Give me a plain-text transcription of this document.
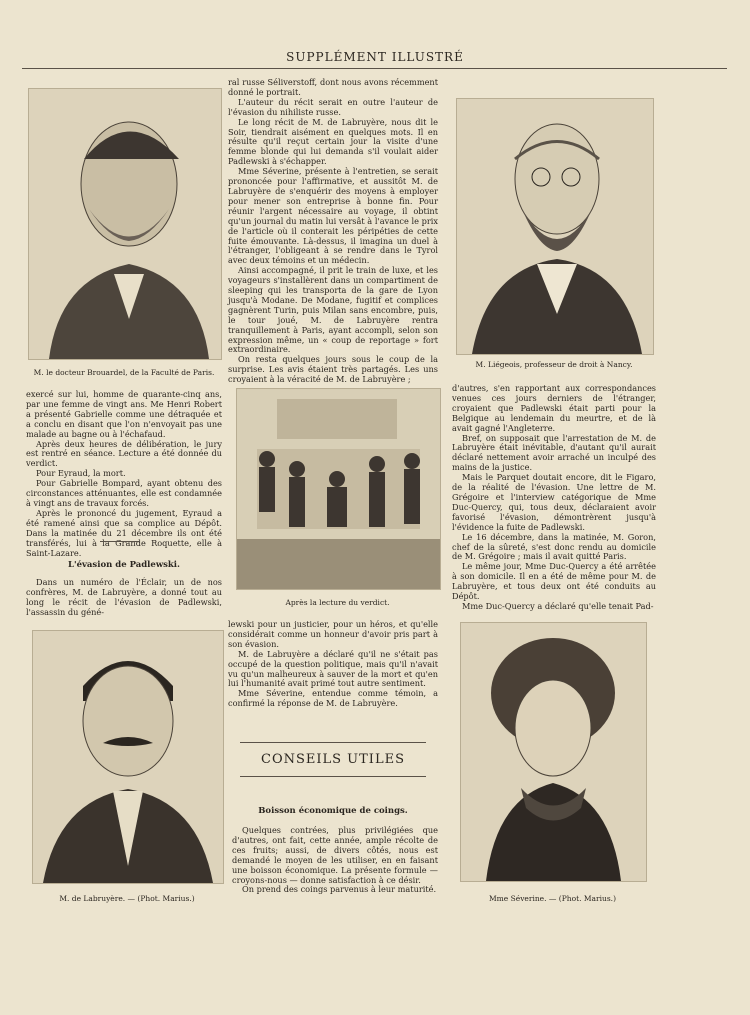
SUPPLÉMENT ILLUSTRÉ
M. le docteur Brouardel, de la Faculté de Paris.
M. Liégeois, professeur de droit à Nancy.

ral russe Séliverstoff, dont nous avons récemment donné le portrait.

L'auteur du récit serait en outre l'auteur de l'évasion du nihiliste russe.

Le long récit de M. de Labruyère, nous dit le Soir, tiendrait aisément en quelques mots. Il en résulte qu'il reçut certain jour la visite d'une femme blonde qui lui demanda s'il voulait aider Padlewski à s'échapper.

Mme Séverine, présente à l'entretien, se serait prononcée pour l'affirmative, et aussitôt M. de Labruyère de s'enquérir des moyens à employer pour mener son entreprise à bonne fin. Pour réunir l'argent nécessaire au voyage, il obtint qu'un journal du matin lui versât à l'avance le prix de l'article où il conterait les péripéties de cette fuite émouvante. Là-dessus, il imagina un duel à l'étranger, l'obligeant à se rendre dans le Tyrol avec deux témoins et un médecin.

Ainsi accompagné, il prit le train de luxe, et les voyageurs s'installèrent dans un compartiment de sleeping qui les transporta de la gare de Lyon jusqu'à Modane. De Modane, fugitif et complices gagnèrent Turin, puis Milan sans encombre, puis, le tour joué, M. de Labruyère rentra tranquillement à Paris, ayant accompli, selon son expression même, un « coup de reportage » fort extraordinaire.

On resta quelques jours sous le coup de la surprise. Les avis étaient très partagés. Les uns croyaient à la véracité de M. de Labruyère ;

exercé sur lui, homme de quarante-cinq ans, par une femme de vingt ans. Me Henri Robert a présenté Gabrielle comme une détraquée et a conclu en disant que l'on n'envoyait pas une malade au bagne ou à l'échafaud.

Après deux heures de délibération, le jury est rentré en séance. Lecture a été donnée du verdict.

Pour Eyraud, la mort.

Pour Gabrielle Bompard, ayant obtenu des circonstances atténuantes, elle est condamnée à vingt ans de travaux forcés.

Après le prononcé du jugement, Eyraud a été ramené ainsi que sa complice au Dépôt. Dans la matinée du 21 décembre ils ont été transférés, lui à la Grande Roquette, elle à Saint-Lazare.

L'évasion de Padlewski.

Dans un numéro de l'Éclair, un de nos confrères, M. de Labruyère, a donné tout au long le récit de l'évasion de Padlewski, l'assassin du géné-

Après la lecture du verdict.

d'autres, s'en rapportant aux correspondances venues ces jours derniers de l'étranger, croyaient que Padlewski était parti pour la Belgique au lendemain du meurtre, et de là avait gagné l'Angleterre.

Bref, on supposait que l'arrestation de M. de Labruyère était inévitable, d'autant qu'il aurait déclaré nettement avoir arraché un inculpé des mains de la justice.

Mais le Parquet doutait encore, dit le Figaro, de la réalité de l'évasion. Une lettre de M. Grégoire et l'interview catégorique de Mme Duc-Quercy, qui, tous deux, déclaraient avoir favorisé l'évasion, démontrèrent jusqu'à l'évidence la fuite de Padlewski.

Le 16 décembre, dans la matinée, M. Goron, chef de la sûreté, s'est donc rendu au domicile de M. Grégoire ; mais il avait quitté Paris.

Le même jour, Mme Duc-Quercy a été arrêtée à son domicile. Il en a été de même pour M. de Labruyère, et tous deux ont été conduits au Dépôt.

Mme Duc-Quercy a déclaré qu'elle tenait Pad-

M. de Labruyère. — (Phot. Marius.)

lewski pour un justicier, pour un héros, et qu'elle considérait comme un honneur d'avoir pris part à son évasion.

M. de Labruyère a déclaré qu'il ne s'était pas occupé de la question politique, mais qu'il n'avait vu qu'un malheureux à sauver de la mort et qu'en lui l'humanité avait primé tout autre sentiment.

Mme Séverine, entendue comme témoin, a confirmé la réponse de M. de Labruyère.

CONSEILS UTILES
Boisson économique de coings.

Quelques contrées, plus privilégiées que d'autres, ont fait, cette année, ample récolte de ces fruits; aussi, de divers côtés, nous est demandé le moyen de les utiliser, en en faisant une boisson économique. La présente formule — croyons-nous — donne satisfaction à ce désir.

On prend des coings parvenus à leur maturité.

Mme Séverine. — (Phot. Marius.)
